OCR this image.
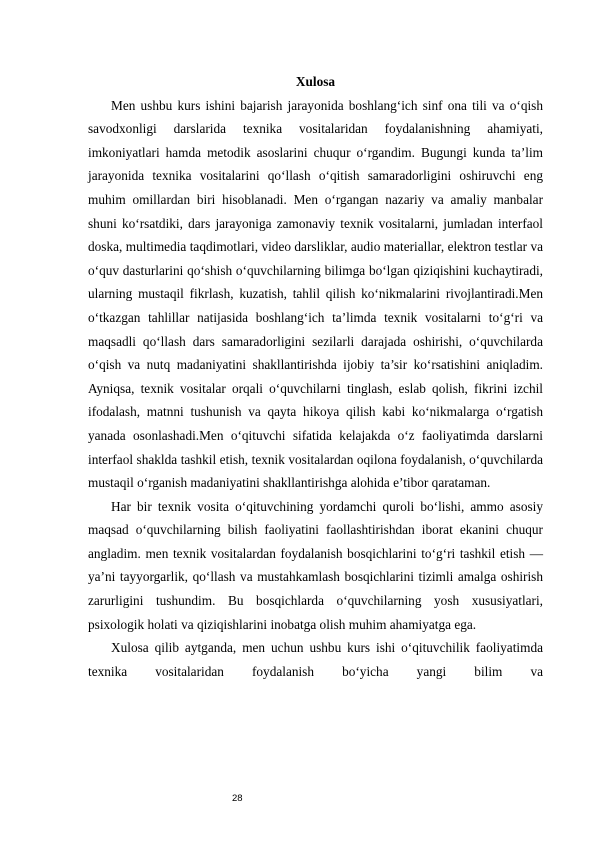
Xulosa

Men ushbu kurs ishini bajarish jarayonida boshlang‘ich sinf ona tili va o‘qish savodxonligi darslarida texnika vositalaridan foydalanishning ahamiyati, imkoniyatlari hamda metodik asoslarini chuqur o‘rgandim. Bugungi kunda ta’lim jarayonida texnika vositalarini qo‘llash o‘qitish samaradorligini oshiruvchi eng muhim omillardan biri hisoblanadi. Men o‘rgangan nazariy va amaliy manbalar shuni ko‘rsatdiki, dars jarayoniga zamonaviy texnik vositalarni, jumladan interfaol doska, multimedia taqdimotlari, video darsliklar, audio materiallar, elektron testlar va o‘quv dasturlarini qo‘shish o‘quvchilarning bilimga bo‘lgan qiziqishini kuchaytiradi, ularning mustaqil fikrlash, kuzatish, tahlil qilish ko‘nikmalarini rivojlantiradi.Men o‘tkazgan tahlillar natijasida boshlang‘ich ta’limda texnik vositalarni to‘g‘ri va maqsadli qo‘llash dars samaradorligini sezilarli darajada oshirishi, o‘quvchilarda o‘qish va nutq madaniyatini shakllantirishda ijobiy ta’sir ko‘rsatishini aniqladim. Ayniqsa, texnik vositalar orqali o‘quvchilarni tinglash, eslab qolish, fikrini izchil ifodalash, matnni tushunish va qayta hikoya qilish kabi ko‘nikmalarga o‘rgatish yanada osonlashadi.Men o‘qituvchi sifatida kelajakda o‘z faoliyatimda darslarni interfaol shaklda tashkil etish, texnik vositalardan oqilona foydalanish, o‘quvchilarda mustaqil o‘rganish madaniyatini shakllantirishga alohida e’tibor qarataman.

Har bir texnik vosita o‘qituvchining yordamchi quroli bo‘lishi, ammo asosiy maqsad o‘quvchilarning bilish faoliyatini faollashtirishdan iborat ekanini chuqur angladim. men texnik vositalardan foydalanish bosqichlarini to‘g‘ri tashkil etish — ya’ni tayyorgarlik, qo‘llash va mustahkamlash bosqichlarini tizimli amalga oshirish zarurligini tushundim. Bu bosqichlarda o‘quvchilarning yosh xususiyatlari, psixologik holati va qiziqishlarini inobatga olish muhim ahamiyatga ega.

Xulosa qilib aytganda, men uchun ushbu kurs ishi o‘qituvchilik faoliyatimda texnika vositalaridan foydalanish bo‘yicha yangi bilim va

28
